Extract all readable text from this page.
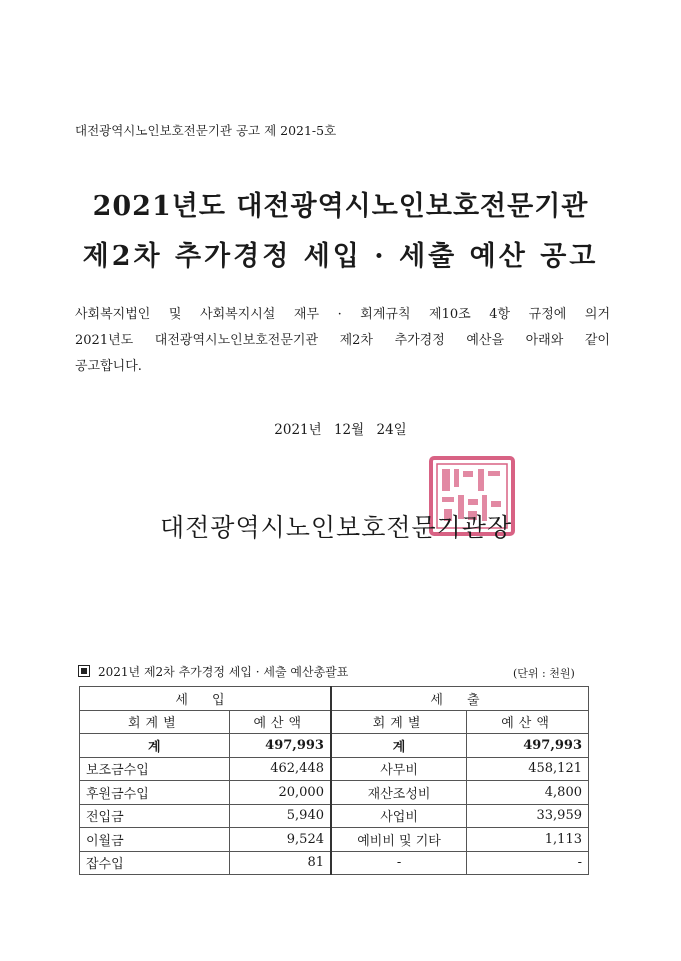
대전광역시노인보호전문기관 공고 제 2021-5호
2021년도 대전광역시노인보호전문기관
제2차 추가경정 세입 · 세출 예산 공고
사회복지법인 및 사회복지시설 재무 · 회계규칙 제10조 4항 규정에 의거
2021년도 대전광역시노인보호전문기관 제2차 추가경정 예산을 아래와 같이
공고합니다.
2021년 12월 24일
대전광역시노인보호전문기관장
2021년 제2차 추가경정 세입 · 세출 예산총괄표	(단위 : 천원)
세 입		세 출	
회계별	예산액	회계별	예산액
계	497,993	계	497,993
보조금수입	462,448	사무비	458,121
후원금수입	20,000	재산조성비	4,800
전입금	5,940	사업비	33,959
이월금	9,524	예비비 및 기타	1,113
잡수입	81	-	-
